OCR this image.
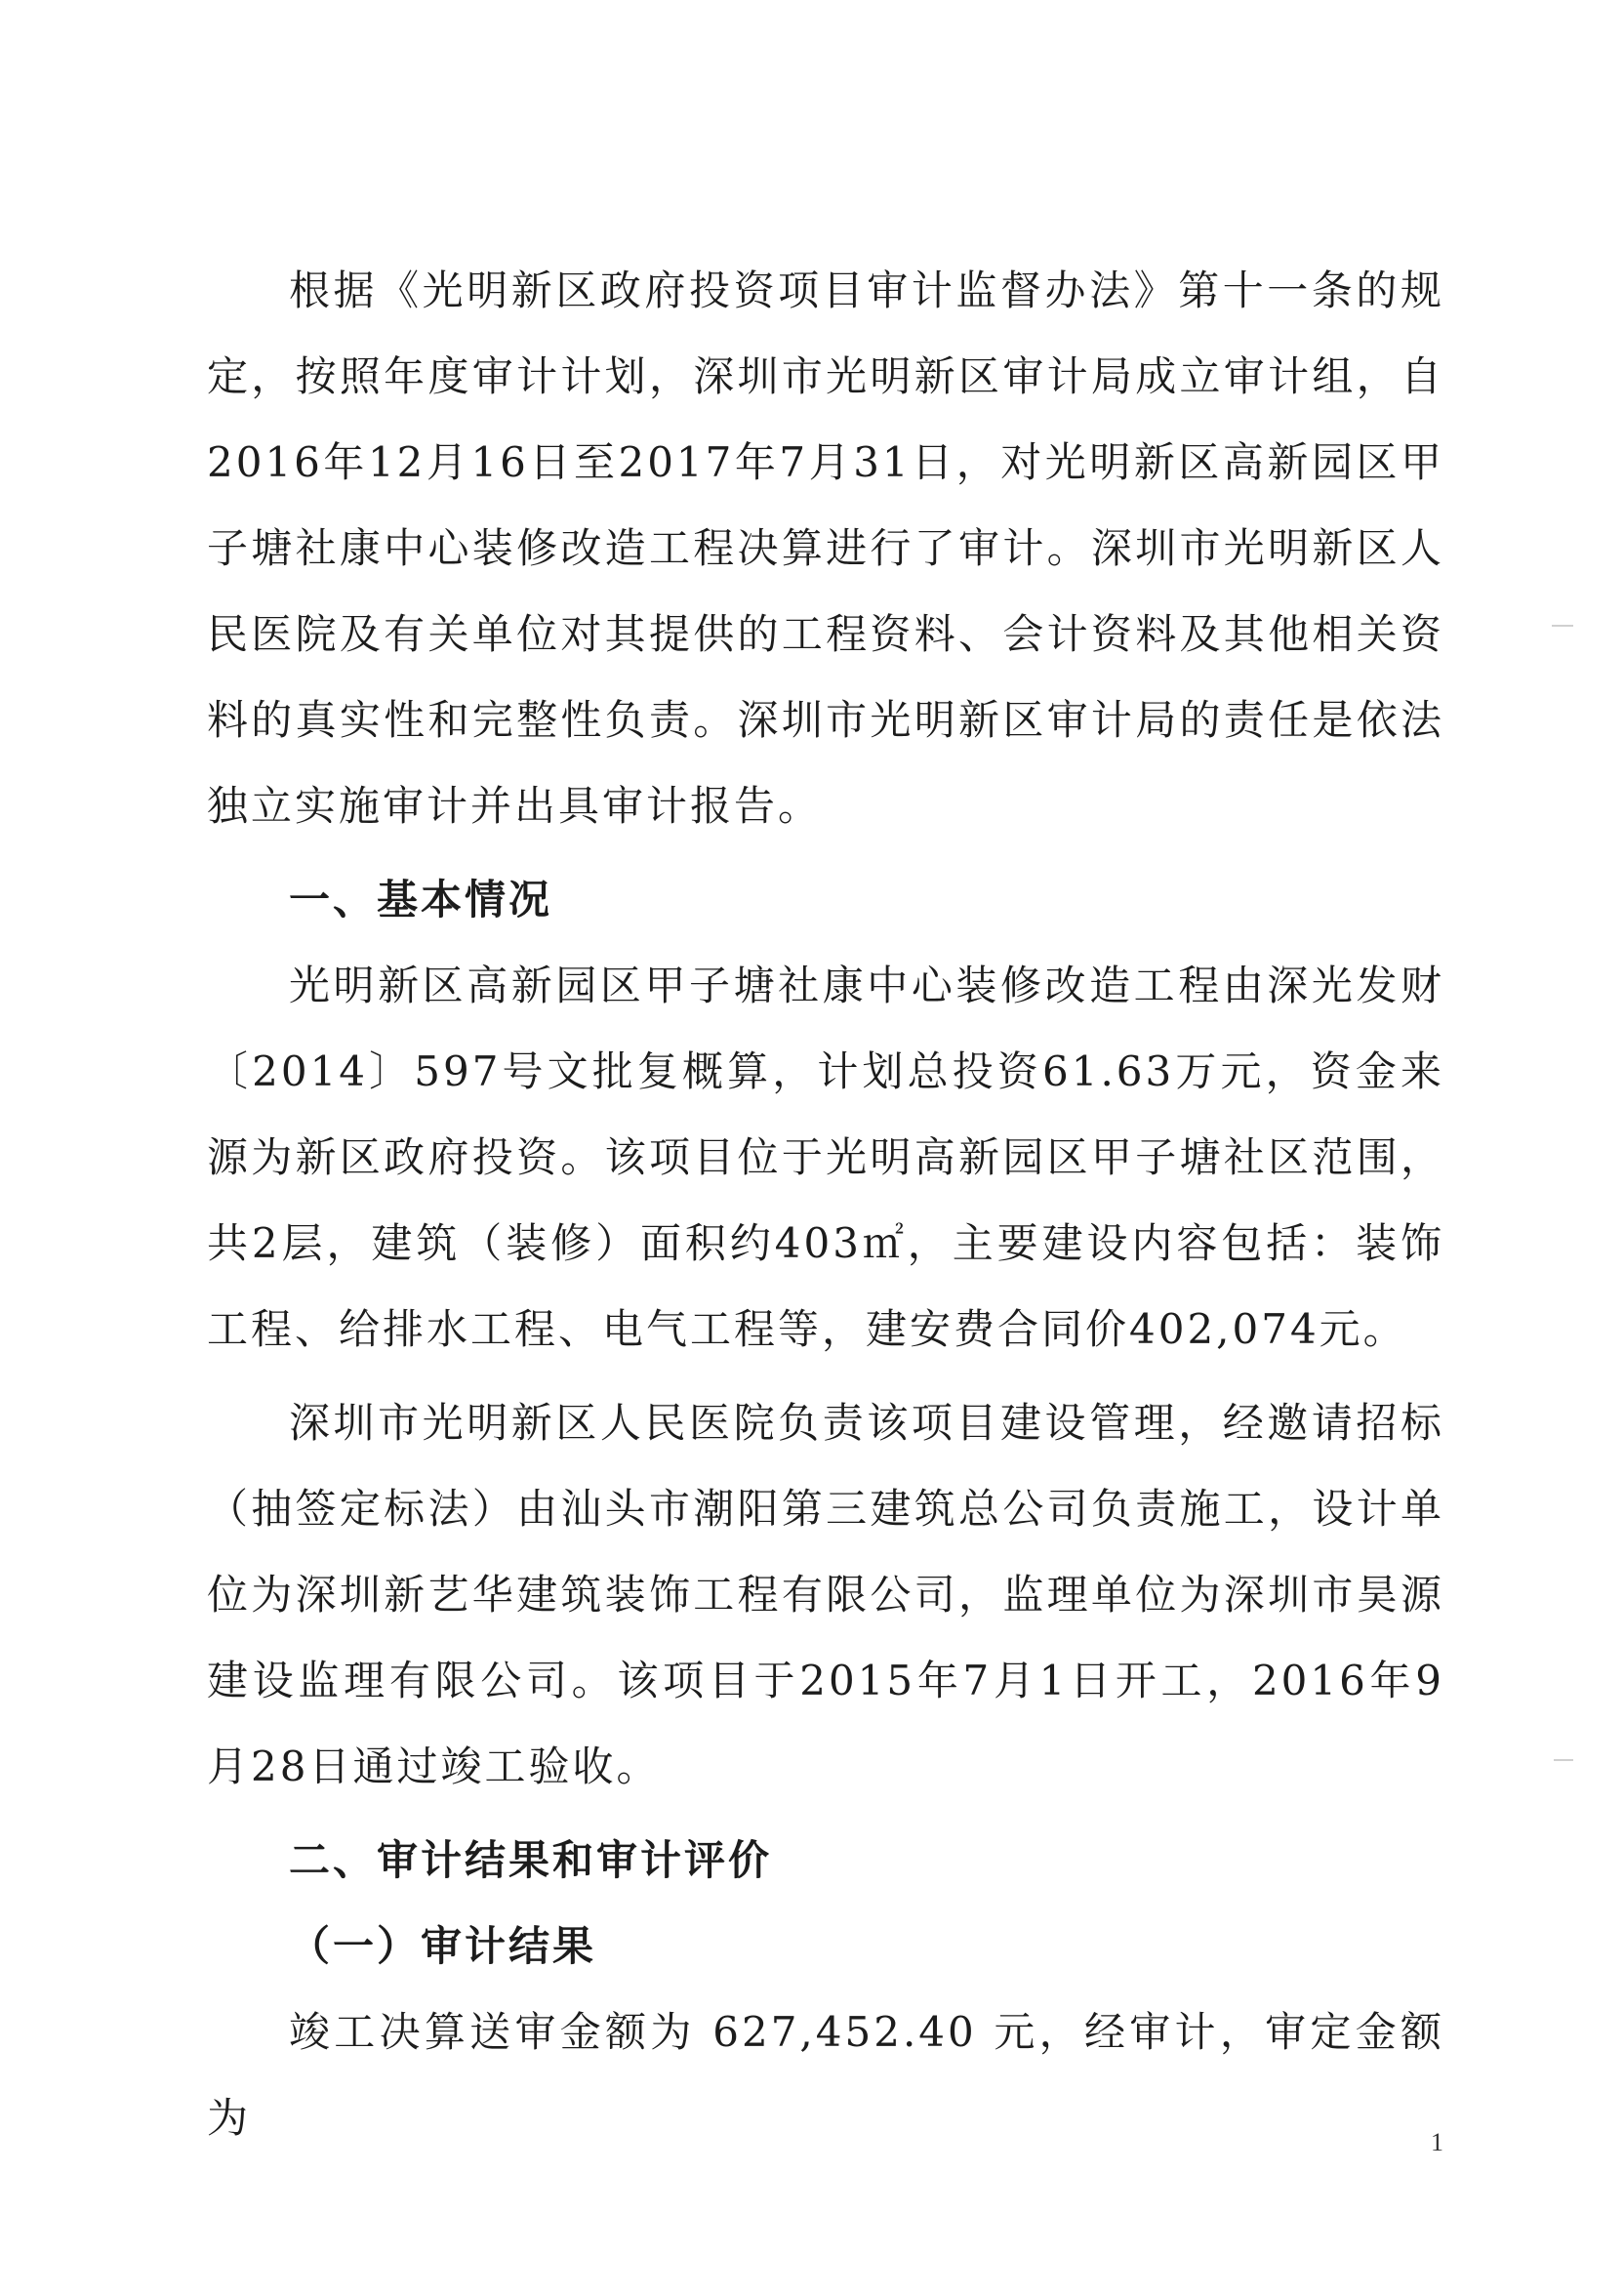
根据《光明新区政府投资项目审计监督办法》第十一条的规定，按照年度审计计划，深圳市光明新区审计局成立审计组，自2016年12月16日至2017年7月31日，对光明新区高新园区甲子塘社康中心装修改造工程决算进行了审计。深圳市光明新区人民医院及有关单位对其提供的工程资料、会计资料及其他相关资料的真实性和完整性负责。深圳市光明新区审计局的责任是依法独立实施审计并出具审计报告。

一、基本情况

光明新区高新园区甲子塘社康中心装修改造工程由深光发财〔2014〕597号文批复概算，计划总投资61.63万元，资金来源为新区政府投资。该项目位于光明高新园区甲子塘社区范围，共2层，建筑（装修）面积约403㎡，主要建设内容包括：装饰工程、给排水工程、电气工程等，建安费合同价402,074元。

深圳市光明新区人民医院负责该项目建设管理，经邀请招标（抽签定标法）由汕头市潮阳第三建筑总公司负责施工，设计单位为深圳新艺华建筑装饰工程有限公司，监理单位为深圳市昊源建设监理有限公司。该项目于2015年7月1日开工，2016年9月28日通过竣工验收。

二、审计结果和审计评价

（一）审计结果

竣工决算送审金额为 627,452.40 元，经审计，审定金额为

1
